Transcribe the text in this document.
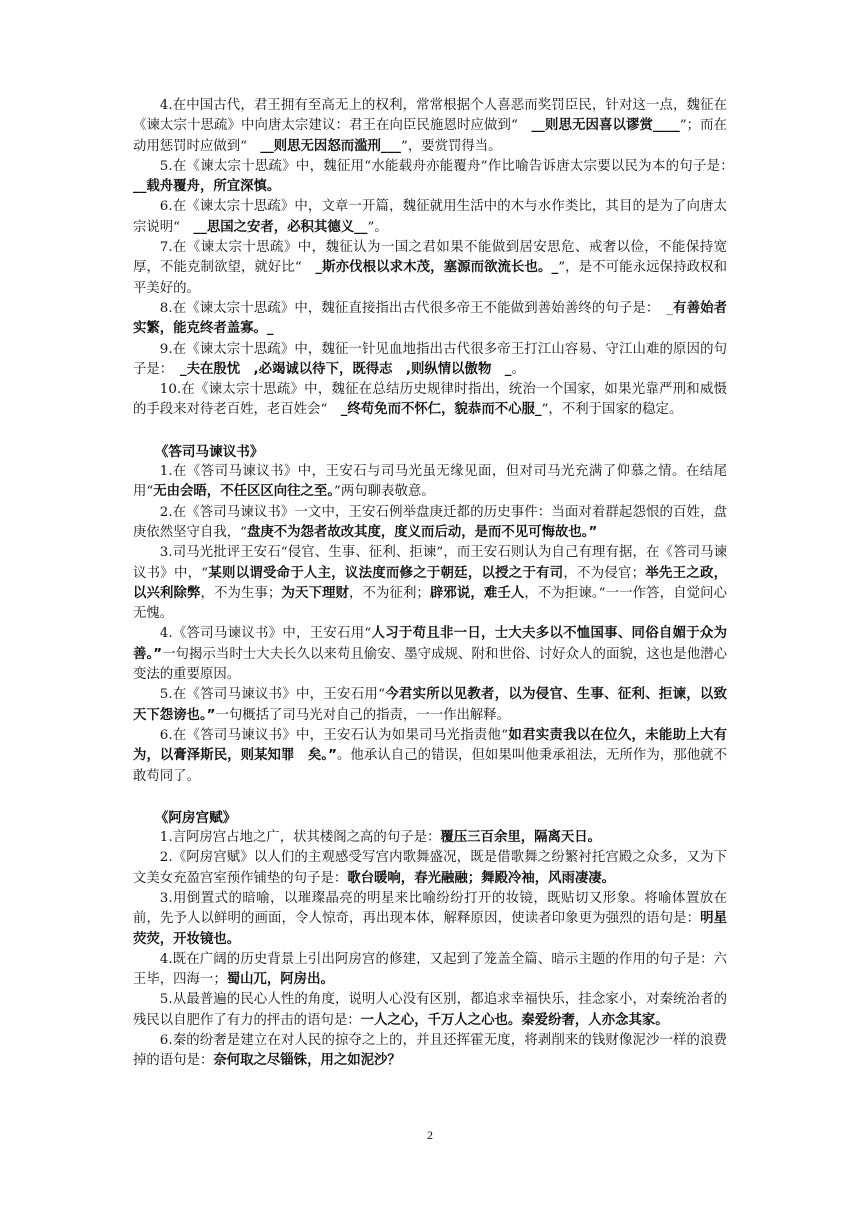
4.在中国古代，君王拥有至高无上的权利，常常根据个人喜恶而奖罚臣民，针对这一点，魏征在《谏太宗十思疏》中向唐太宗建议：君王在向臣民施恩时应做到“　__则思无因喜以谬赏____”；而在动用惩罚时应做到“　__则思无因怒而滥刑___”，要赏罚得当。

5.在《谏太宗十思疏》中，魏征用“水能载舟亦能覆舟”作比喻告诉唐太宗要以民为本的句子是：　__载舟覆舟，所宜深慎。

6.在《谏太宗十思疏》中，文章一开篇，魏征就用生活中的木与水作类比，其目的是为了向唐太宗说明“　__思国之安者，必积其德义__”。

7.在《谏太宗十思疏》中，魏征认为一国之君如果不能做到居安思危、戒奢以俭，不能保持宽厚，不能克制欲望，就好比“　_斯亦伐根以求木茂，塞源而欲流长也。_”，是不可能永远保持政权和平美好的。

8.在《谏太宗十思疏》中，魏征直接指出古代很多帝王不能做到善始善终的句子是：　_有善始者实繁，能克终者盖寡。_

9.在《谏太宗十思疏》中，魏征一针见血地指出古代很多帝王打江山容易、守江山难的原因的句子是：　_夫在殷忧　,必竭诚以待下，既得志　,则纵情以傲物　_。

10.在《谏太宗十思疏》中，魏征在总结历史规律时指出，统治一个国家，如果光靠严刑和威慑的手段来对待老百姓，老百姓会“　_终苟免而不怀仁，貌恭而不心服_”，不利于国家的稳定。

《答司马谏议书》

1.在《答司马谏议书》中，王安石与司马光虽无缘见面，但对司马光充满了仰慕之情。在结尾用“无由会晤，不任区区向往之至。”两句聊表敬意。

2.在《答司马谏议书》一文中，王安石例举盘庚迁都的历史事件：当面对着群起怨恨的百姓，盘庚依然坚守自我，“盘庚不为怨者故改其度，度义而后动，是而不见可悔故也。”

3.司马光批评王安石“侵官、生事、征利、拒谏”，而王安石则认为自己有理有据，在《答司马谏议书》中，“某则以谓受命于人主，议法度而修之于朝廷，以授之于有司，不为侵官；举先王之政，以兴利除弊，不为生事；为天下理财，不为征利；辟邪说，难壬人，不为拒谏。”一一作答，自觉问心无愧。

4.《答司马谏议书》中，王安石用“人习于苟且非一日，士大夫多以不恤国事、同俗自媚于众为善。”一句揭示当时士大夫长久以来苟且偷安、墨守成规、附和世俗、讨好众人的面貌，这也是他潜心变法的重要原因。

5.在《答司马谏议书》中，王安石用“今君实所以见教者，以为侵官、生事、征利、拒谏，以致天下怨谤也。”一句概括了司马光对自己的指责，一一作出解释。

6.在《答司马谏议书》中，王安石认为如果司马光指责他“如君实责我以在位久，未能助上大有为，以膏泽斯民，则某知罪　矣。”。他承认自己的错误，但如果叫他秉承祖法，无所作为，那他就不敢苟同了。

《阿房宫赋》

1.言阿房宫占地之广，状其楼阁之高的句子是：覆压三百余里，隔离天日。

2.《阿房宫赋》以人们的主观感受写宫内歌舞盛况，既是借歌舞之纷繁衬托宫殿之众多，又为下文美女充盈宫室预作铺垫的句子是：歌台暖响，春光融融；舞殿冷袖，风雨凄凄。

3.用倒置式的暗喻，以璀璨晶亮的明星来比喻纷纷打开的妆镜，既贴切又形象。将喻体置放在前，先予人以鲜明的画面，令人惊奇，再出现本体，解释原因，使读者印象更为强烈的语句是：明星荧荧，开妆镜也。

4.既在广阔的历史背景上引出阿房宫的修建，又起到了笼盖全篇、暗示主题的作用的句子是：六王毕，四海一；蜀山兀，阿房出。

5.从最普遍的民心人性的角度，说明人心没有区别，都追求幸福快乐，挂念家小，对秦统治者的残民以自肥作了有力的抨击的语句是：一人之心，千万人之心也。秦爱纷奢，人亦念其家。

6.秦的纷奢是建立在对人民的掠夺之上的，并且还挥霍无度，将剥削来的钱财像泥沙一样的浪费掉的语句是：奈何取之尽锱铢，用之如泥沙？

2
